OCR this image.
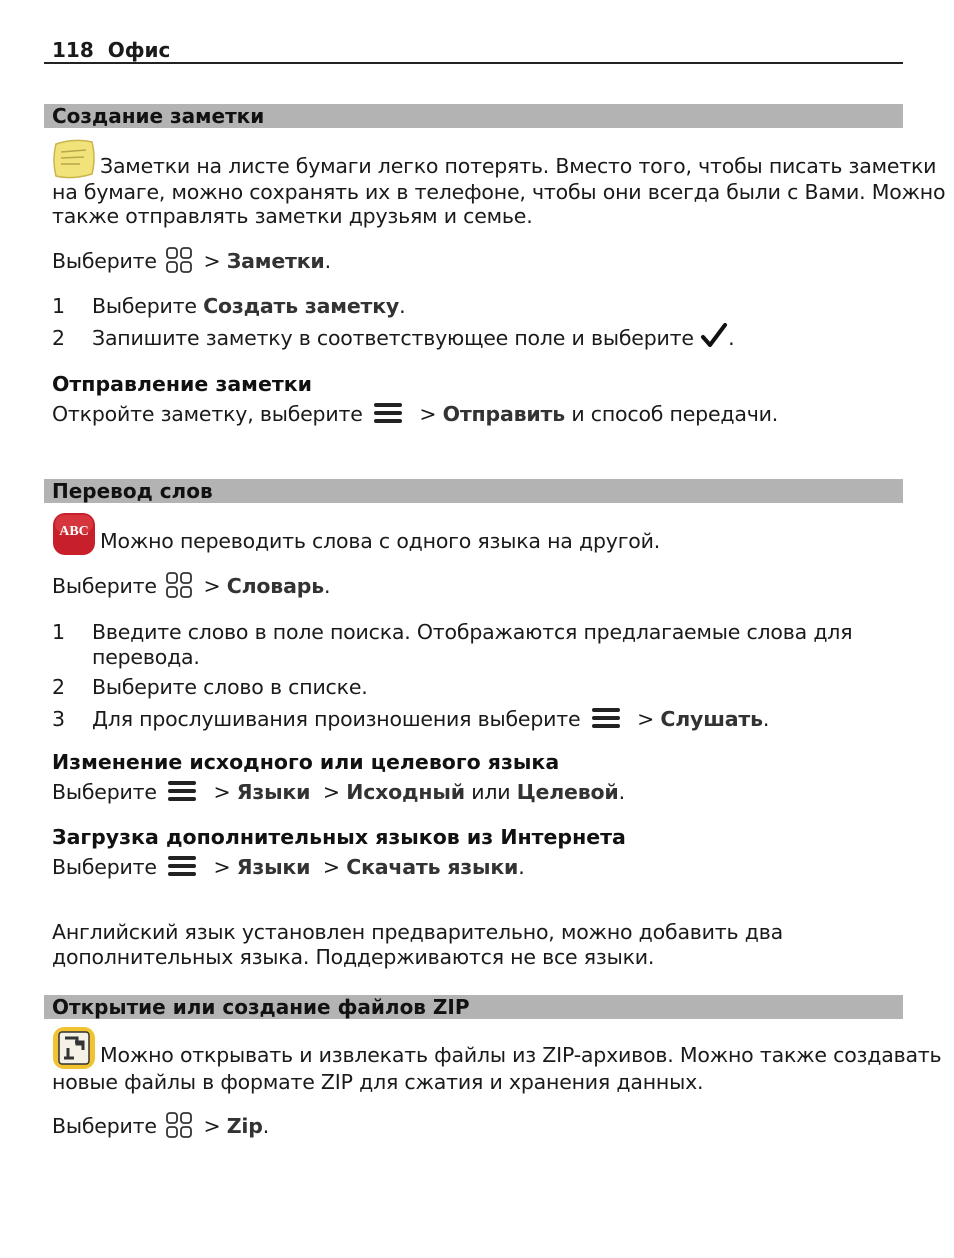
118 Офис
Создание заметки
Заметки на листе бумаги легко потерять. Вместо того, чтобы писать заметки
на бумаге, можно сохранять их в телефоне, чтобы они всегда были с Вами. Можно
также отправлять заметки друзьям и семье.
Выберите > Заметки.
1 Выберите Создать заметку.
2 Запишите заметку в соответствующее поле и выберите .
Отправление заметки
Откройте заметку, выберите	> Отправить и способ передачи.
Перевод слов
ABC Можно переводить слова с одного языка на другой.
Выберите > Словарь.
1 Введите слово в поле поиска. Отображаются предлагаемые слова для
перевода.
2 Выберите слово в списке.
3 Для прослушивания произношения выберите	> Слушать.
Изменение исходного или целевого языка
Выберите	> Языки > Исходный или Целевой.
Загрузка дополнительных языков из Интернета
Выберите	> Языки > Скачать языки.
Английский язык установлен предварительно, можно добавить два
дополнительных языка. Поддерживаются не все языки.
Открытие или создание файлов ZIP
Можно открывать и извлекать файлы из ZIP-архивов. Можно также создавать
новые файлы в формате ZIP для сжатия и хранения данных.
Выберите > Zip.
